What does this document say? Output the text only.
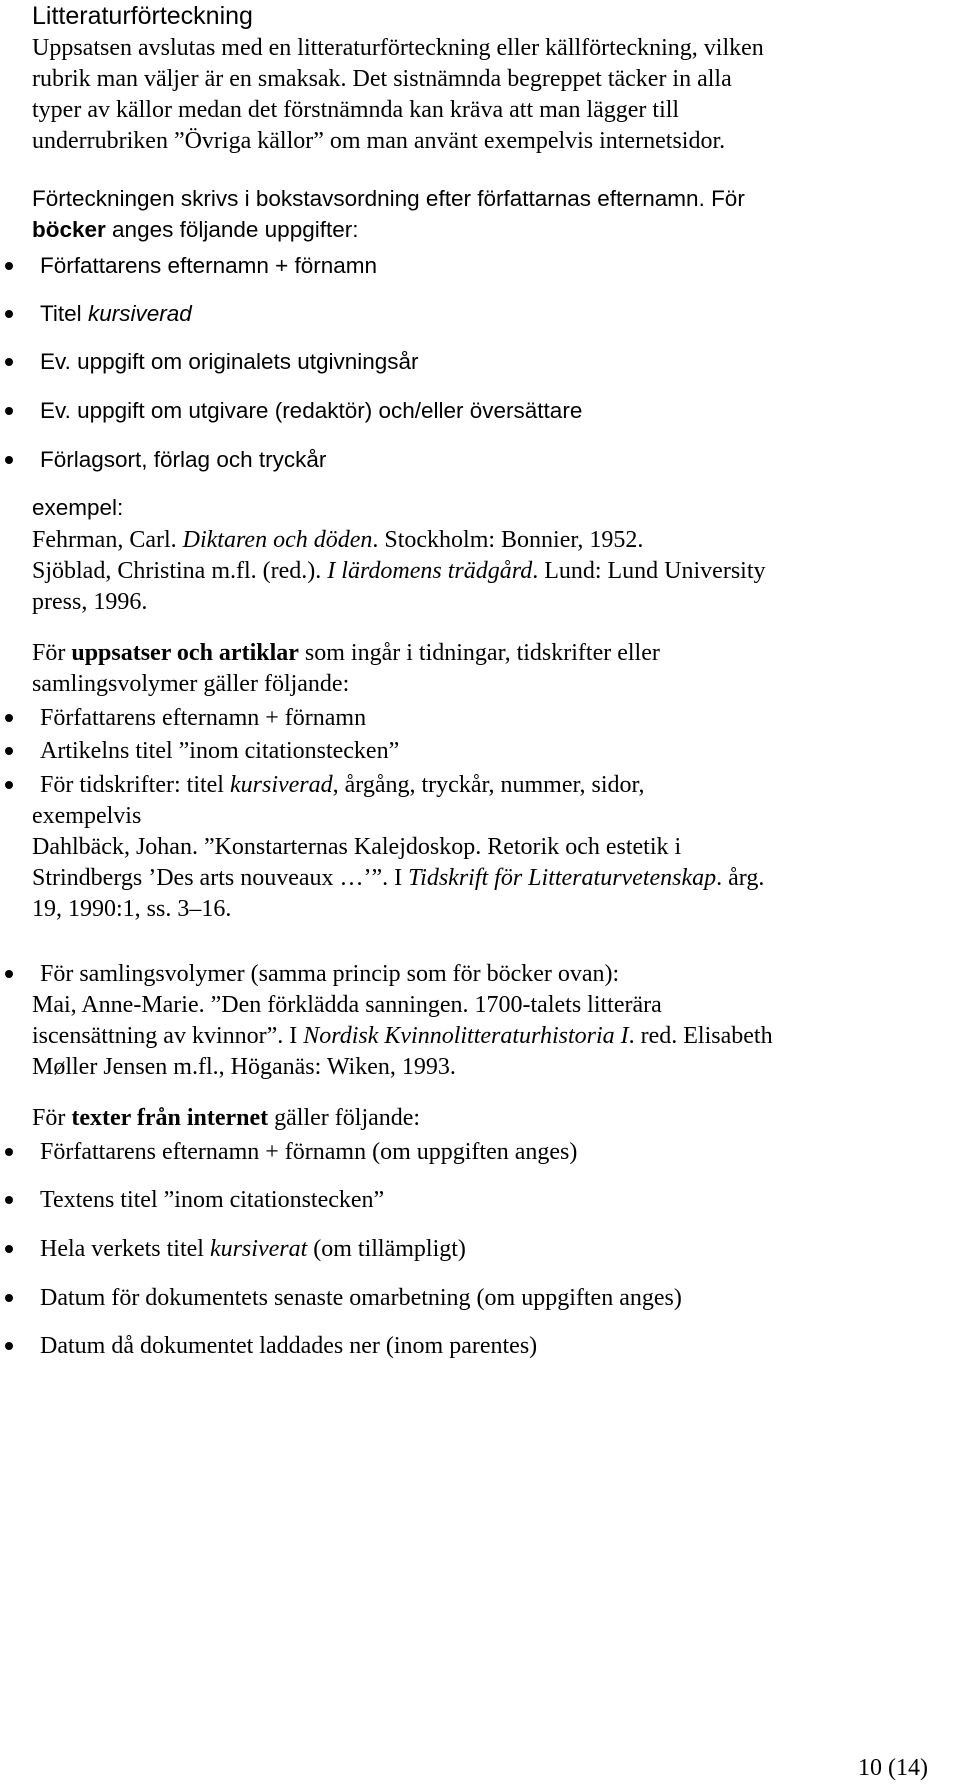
Litteraturförteckning

Uppsatsen avslutas med en litteraturförteckning eller källförteckning, vilken

rubrik man väljer är en smaksak. Det sistnämnda begreppet täcker in alla

typer av källor medan det förstnämnda kan kräva att man lägger till

underrubriken ”Övriga källor” om man använt exempelvis internetsidor.

Förteckningen skrivs i bokstavsordning efter författarnas efternamn. För

böcker anges följande uppgifter:

Författarens efternamn + förnamn
Titel kursiverad
Ev. uppgift om originalets utgivningsår
Ev. uppgift om utgivare (redaktör) och/eller översättare
Förlagsort, förlag och tryckår

exempel:

Fehrman, Carl. Diktaren och döden. Stockholm: Bonnier, 1952.

Sjöblad, Christina m.fl. (red.). I lärdomens trädgård. Lund: Lund University

press, 1996.

För uppsatser och artiklar som ingår i tidningar, tidskrifter eller

samlingsvolymer gäller följande:

Författarens efternamn + förnamn
Artikelns titel ”inom citationstecken”
För tidskrifter: titel kursiverad, årgång, tryckår, nummer, sidor,

exempelvis

Dahlbäck, Johan. ”Konstarternas Kalejdoskop. Retorik och estetik i

Strindbergs ’Des arts nouveaux …’”. I Tidskrift för Litteraturvetenskap. årg.

19, 1990:1, ss. 3–16.

För samlingsvolymer (samma princip som för böcker ovan):

Mai, Anne-Marie. ”Den förklädda sanningen. 1700-talets litterära

iscensättning av kvinnor”. I Nordisk Kvinnolitteraturhistoria I. red. Elisabeth

Møller Jensen m.fl., Höganäs: Wiken, 1993.

För texter från internet gäller följande:

Författarens efternamn + förnamn (om uppgiften anges)
Textens titel ”inom citationstecken”
Hela verkets titel kursiverat (om tillämpligt)
Datum för dokumentets senaste omarbetning (om uppgiften anges)
Datum då dokumentet laddades ner (inom parentes)

10 (14)
